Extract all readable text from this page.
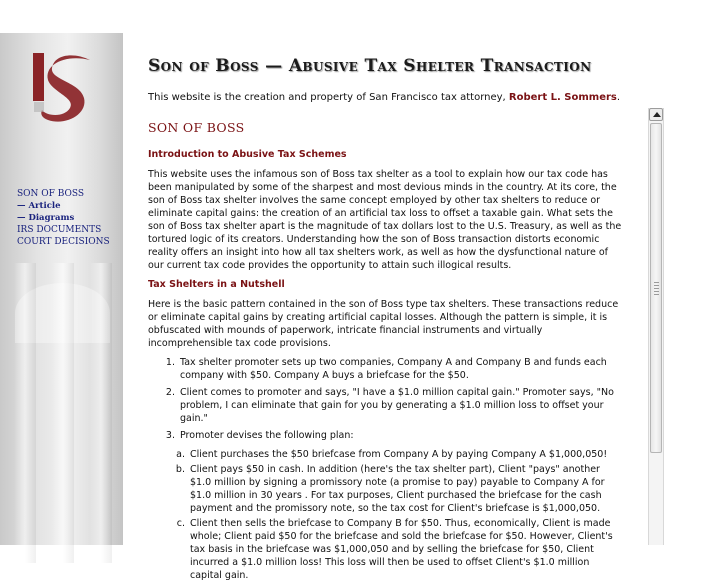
SON OF BOSS
— Article
— Diagrams
IRS DOCUMENTS
COURT DECISIONS
Son of Boss — Abusive Tax Shelter Transaction
This website is the creation and property of San Francisco tax attorney, Robert L. Sommers.
SON OF BOSS
Introduction to Abusive Tax Schemes

This website uses the infamous son of Boss tax shelter as a tool to explain how our tax code has been manipulated by some of the sharpest and most devious minds in the country. At its core, the son of Boss tax shelter involves the same concept employed by other tax shelters to reduce or eliminate capital gains: the creation of an artificial tax loss to offset a taxable gain. What sets the son of Boss tax shelter apart is the magnitude of tax dollars lost to the U.S. Treasury, as well as the tortured logic of its creators. Understanding how the son of Boss transaction distorts economic reality offers an insight into how all tax shelters work, as well as how the dysfunctional nature of our current tax code provides the opportunity to attain such illogical results.

Tax Shelters in a Nutshell

Here is the basic pattern contained in the son of Boss type tax shelters. These transactions reduce or eliminate capital gains by creating artificial capital losses. Although the pattern is simple, it is obfuscated with mounds of paperwork, intricate financial instruments and virtually incomprehensible tax code provisions.

1. Tax shelter promoter sets up two companies, Company A and Company B and funds each company with $50. Company A buys a briefcase for the $50.
2. Client comes to promoter and says, "I have a $1.0 million capital gain." Promoter says, "No problem, I can eliminate that gain for you by generating a $1.0 million loss to offset your gain."
3. Promoter devises the following plan:
a. Client purchases the $50 briefcase from Company A by paying Company A $1,000,050!
b. Client pays $50 in cash. In addition (here's the tax shelter part), Client "pays" another $1.0 million by signing a promissory note (a promise to pay) payable to Company A for $1.0 million in 30 years . For tax purposes, Client purchased the briefcase for the cash payment and the promissory note, so the tax cost for Client's briefcase is $1,000,050.
c. Client then sells the briefcase to Company B for $50. Thus, economically, Client is made whole; Client paid $50 for the briefcase and sold the briefcase for $50. However, Client's tax basis in the briefcase was $1,000,050 and by selling the briefcase for $50, Client incurred a $1.0 million loss! This loss will then be used to offset Client's $1.0 million capital gain.
